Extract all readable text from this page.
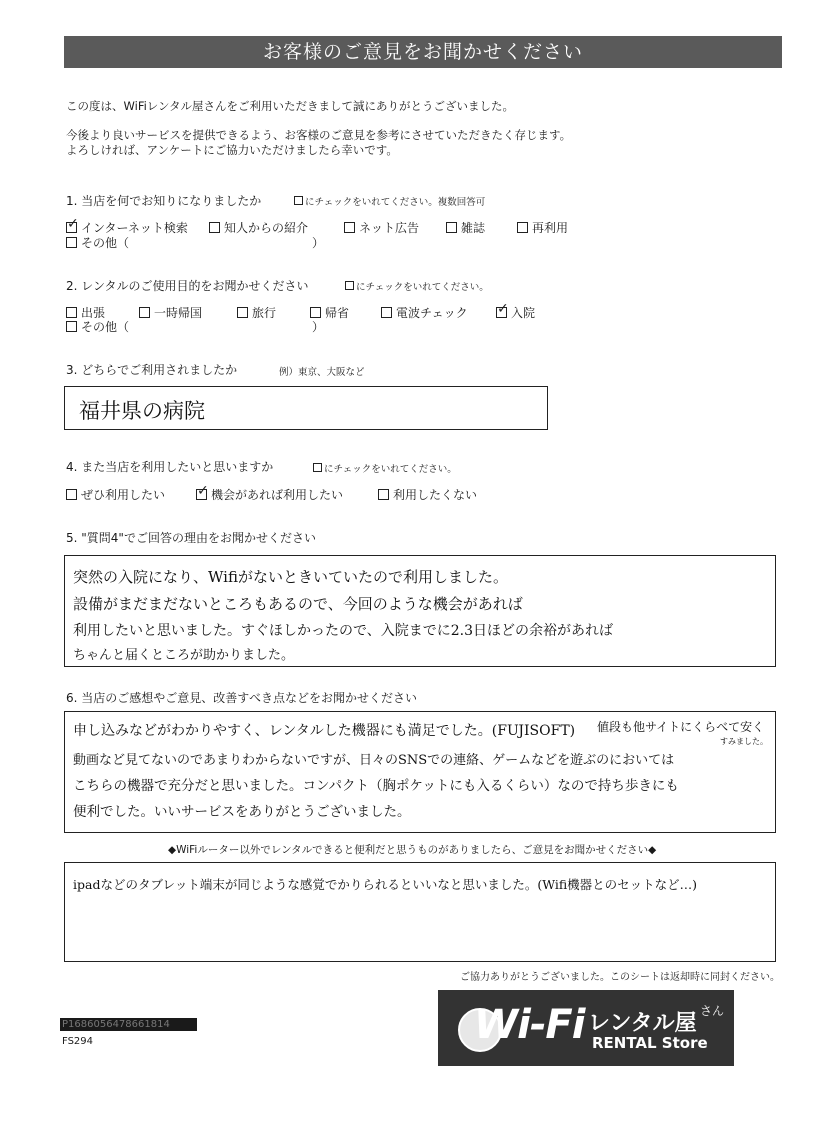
お客様のご意見をお聞かせください
この度は、WiFiレンタル屋さんをご利用いただきまして誠にありがとうございました。
今後より良いサービスを提供できるよう、お客様のご意見を参考にさせていただきたく存じます。
よろしければ、アンケートにご協力いただけましたら幸いです。
1. 当店を何でお知りになりましたか	にチェックをいれてください。複数回答可
✓インターネット検索	知人からの紹介	ネット広告	雑誌	再利用
その他（	）
2. レンタルのご使用目的をお聞かせください	にチェックをいれてください。
出張	一時帰国	旅行	帰省	電波チェック ✓	入院
その他（	）
3. どちらでご利用されましたか	例）東京、大阪など
福井県の病院
4. また当店を利用したいと思いますか	にチェックをいれてください。
ぜひ利用したい ✓	機会があれば利用したい	利用したくない
5. "質問4"でご回答の理由をお聞かせください
突然の入院になり、Wifiがないときいていたので利用しました。
設備がまだまだないところもあるので、今回のような機会があれば
利用したいと思いました。すぐほしかったので、入院までに2.3日ほどの余裕があれば
ちゃんと届くところが助かりました。
6. 当店のご感想やご意見、改善すべき点などをお聞かせください
申し込みなどがわかりやすく、レンタルした機器にも満足でした。(FUJISOFT) 値段も他サイトにくらべて安く
すみました。
動画など見てないのであまりわからないですが、日々のSNSでの連絡、ゲームなどを遊ぶのにおいては
こちらの機器で充分だと思いました。コンパクト（胸ポケットにも入るくらい）なので持ち歩きにも
便利でした。いいサービスをありがとうございました。
◆WiFiルーター以外でレンタルできると便利だと思うものがありましたら、ご意見をお聞かせください◆
ipadなどのタブレット端末が同じような感覚でかりられるといいなと思いました。(Wifi機器とのセットなど…)
ご協力ありがとうございました。このシートは返却時に同封ください。
P1686056478661814
FS294	Wi-Fi レンタル屋 さん
RENTAL Store
